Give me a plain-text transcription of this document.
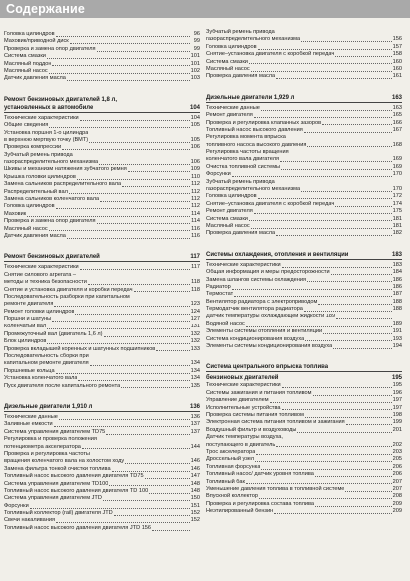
Содержание
Головка цилиндров	96
Маховик/приводной диск	99
Проверка и замена опор двигателя	99
Система смазки	101
Масляный поддон	101
Масляный насос	102
Датчик давления масла	103
Ремонт бензиновых двигателей 1,8 л,
установленных в автомобиле	104
Технические характеристики	104
Общие сведения	105
Установка поршня 1-о цилиндра
в верхнюю мертвую точку (ВМТ)	105
Проверка компрессии	106
Зубчатый ремень привода
газораспределительного механизма	106
Шкивы и механизм натяжения зубчатого ремня	109
Крышка головки цилиндров	110
Замена сальников распределительного вала	112
Распределительный вал	112
Замена сальников коленчатого вала	112
Головка цилиндров	112
Маховик	114
Проверка и замена опор двигателя	114
Масляный насос	116
Датчик давления масла	116
Ремонт бензиновых двигателей	117
Технические характеристики	117
Снятие силового агрегата –
методы и техника безопасности	118
Снятие и установка двигателя и коробки передач	118
Последовательность разборки при капитальном
ремонте двигателя	123
Ремонт головки цилиндров	124
Поршни и шатуны	127
Коленчатый вал	131
Промежуточный вал (двигатель 1,6 л)	132
Блок цилиндров	132
Проверка вкладышей коренных и шатунных подшипников	133
Последовательность сборки при
капитальном ремонте двигателя	134
Поршневые кольца	134
Установка коленчатого вала	134
Пуск двигателя после капитального ремонта	135
Дизельные двигатели 1,910 л	136
Технические данные	136
Заливные емкости	137
Система управления двигателем TD75	137
Регулировка и проверка положения
потенциометра акселератора	144
Проверка и регулировка частоты
вращения коленчатого вала на холостом ходу	146
Замена фильтра тонкой очистки топлива	146
Топливный насос высокого давления двигателя TD75	147
Система управления двигателем TD100	148
Топливный насос высокого давления двигателя TD 100	148
Система управления двигателем JTD	150
Форсунки	151
Топливный коллектор (rail) двигателя JTD	152
Свечи накаливания	152
Топливный насос высокого давления двигателя JTD 156
Зубчатый ремень привода
газораспределительного механизма	156
Головка цилиндров	157
Снятие–установка двигателя с коробкой передач	158
Система смазки	160
Масляный насос	160
Проверка давления масла	161
Дизельные двигатели 1,929 л	163
Технические данные	163
Ремонт двигателя	165
Проверка и регулировка клапанных зазоров	166
Топливный насос высокого давления	167
Регулировка момента впрыска
топливного насоса высокого давления	168
Регулировка частоты вращения
коленчатого вала двигателя	169
Очистка топливной системы	169
Форсунки	170
Зубчатый ремень привода
газораспределительного механизма	170
Головка цилиндров	172
Снятие–установка двигателя с коробкой передач	174
Ремонт двигателя	175
Система смазки	181
Масляный насос	181
Проверка давления масла	182
Системы охлаждения, отопления и вентиляции	183
Технические характеристики	183
Общая информация и меры предосторожности	184
Замена шлангов системы охлаждения	186
Радиатор	186
Термостат	187
Вентилятор радиатора с электроприводом	188
Термодатчик вентилятора радиатора	188
Датчик температуры охлаждающей жидкости 189
Водяной насос	189
Элементы системы отопления и вентиляции	191
Система кондиционирования воздуха	193
Элементы системы кондиционирования воздуха	194
Система центрального впрыска топлива
бензиновых двигателей	195
Технические характеристики	195
Системы зажигания и питания топливом	196
Управление двигателем	197
Исполнительные устройства	197
Проверка системы питания топливом	198
Электронная система питания топливом и зажигания	199
Воздушный фильтр и воздуховоды	201
Датчик температуры воздуха,
поступающего в двигатель	202
Трос акселератора	203
Дроссельный узел	205
Топливная форсунка	206
Топливный насос/ датчик уровня топлива	206
Топливный бак	207
Уменьшение давления топлива в топливной системе	207
Впускной коллектор	208
Проверка и регулировка состава топлива	209
Неэтилированный бензин	209
